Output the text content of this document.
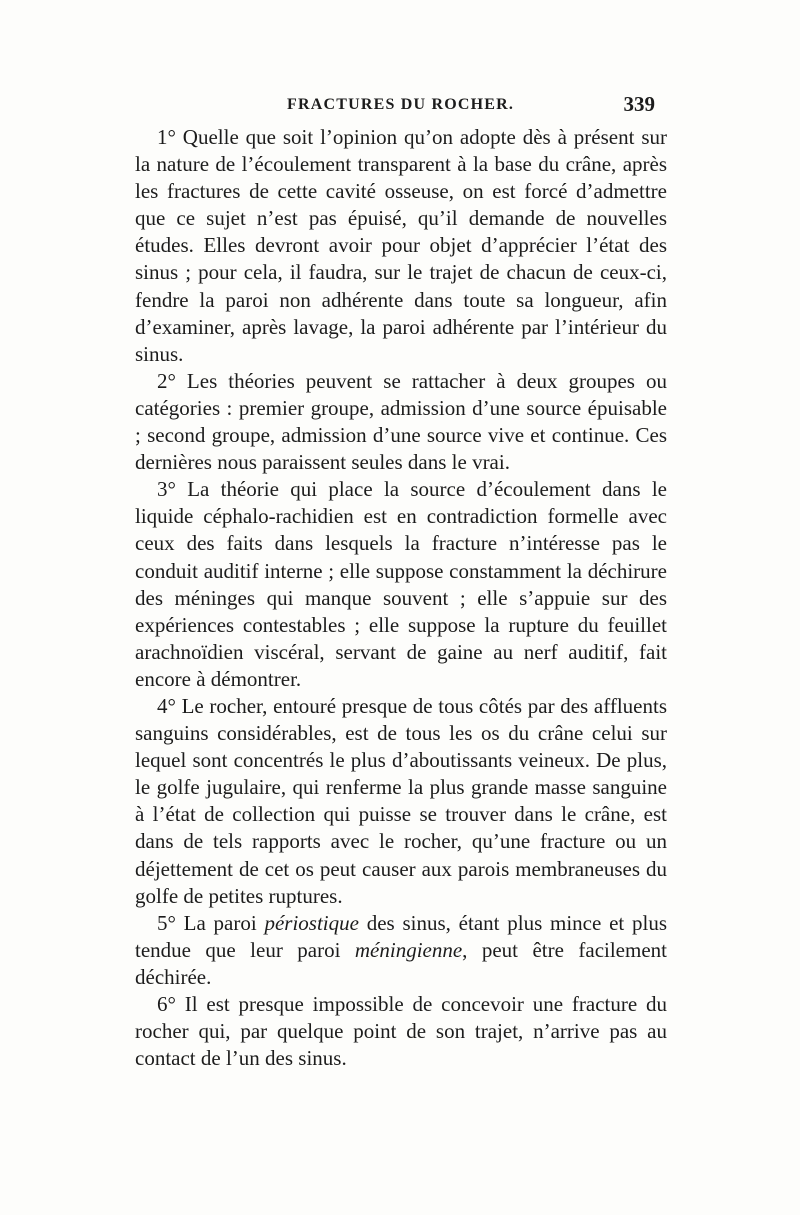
FRACTURES DU ROCHER.	339

1° Quelle que soit l’opinion qu’on adopte dès à présent sur la nature de l’écoulement transparent à la base du crâne, après les fractures de cette cavité osseuse, on est forcé d’admettre que ce sujet n’est pas épuisé, qu’il demande de nouvelles études. Elles devront avoir pour objet d’apprécier l’état des sinus ; pour cela, il faudra, sur le trajet de chacun de ceux-ci, fendre la paroi non adhérente dans toute sa longueur, afin d’examiner, après lavage, la paroi adhérente par l’intérieur du sinus.

2° Les théories peuvent se rattacher à deux groupes ou catégories : premier groupe, admission d’une source épuisable ; second groupe, admission d’une source vive et continue. Ces dernières nous paraissent seules dans le vrai.

3° La théorie qui place la source d’écoulement dans le liquide céphalo-rachidien est en contradiction formelle avec ceux des faits dans lesquels la fracture n’intéresse pas le conduit auditif interne ; elle suppose constamment la déchirure des méninges qui manque souvent ; elle s’appuie sur des expériences contestables ; elle suppose la rupture du feuillet arachnoïdien viscéral, servant de gaine au nerf auditif, fait encore à démontrer.

4° Le rocher, entouré presque de tous côtés par des affluents sanguins considérables, est de tous les os du crâne celui sur lequel sont concentrés le plus d’aboutissants veineux. De plus, le golfe jugulaire, qui renferme la plus grande masse sanguine à l’état de collection qui puisse se trouver dans le crâne, est dans de tels rapports avec le rocher, qu’une fracture ou un déjettement de cet os peut causer aux parois membraneuses du golfe de petites ruptures.

5° La paroi périostique des sinus, étant plus mince et plus tendue que leur paroi méningienne, peut être facilement déchirée.

6° Il est presque impossible de concevoir une fracture du rocher qui, par quelque point de son trajet, n’arrive pas au contact de l’un des sinus.
